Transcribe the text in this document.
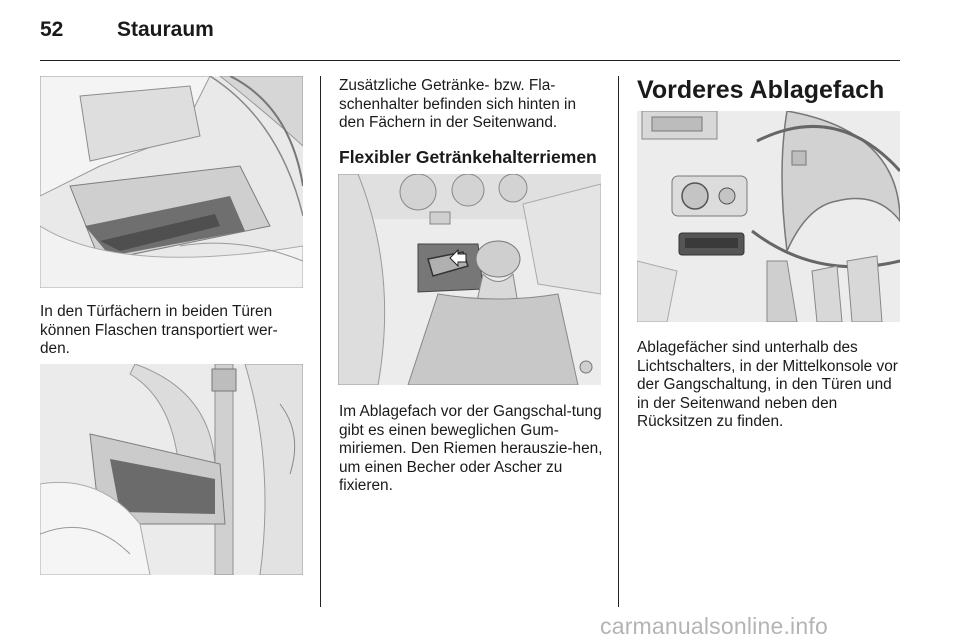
52	Stauraum

In den Türfächern in beiden Türen können Flaschen transportiert wer-den.

Zusätzliche Getränke- bzw. Fla-schenhalter befinden sich hinten in den Fächern in der Seitenwand.

Flexibler Getränkehalterriemen

Im Ablagefach vor der Gangschal-tung gibt es einen beweglichen Gum-miriemen. Den Riemen herauszie-hen, um einen Becher oder Ascher zu fixieren.

Vorderes Ablagefach

Ablagefächer sind unterhalb des Lichtschalters, in der Mittelkonsole vor der Gangschaltung, in den Türen und in der Seitenwand neben den Rücksitzen zu finden.

carmanualsonline.info
